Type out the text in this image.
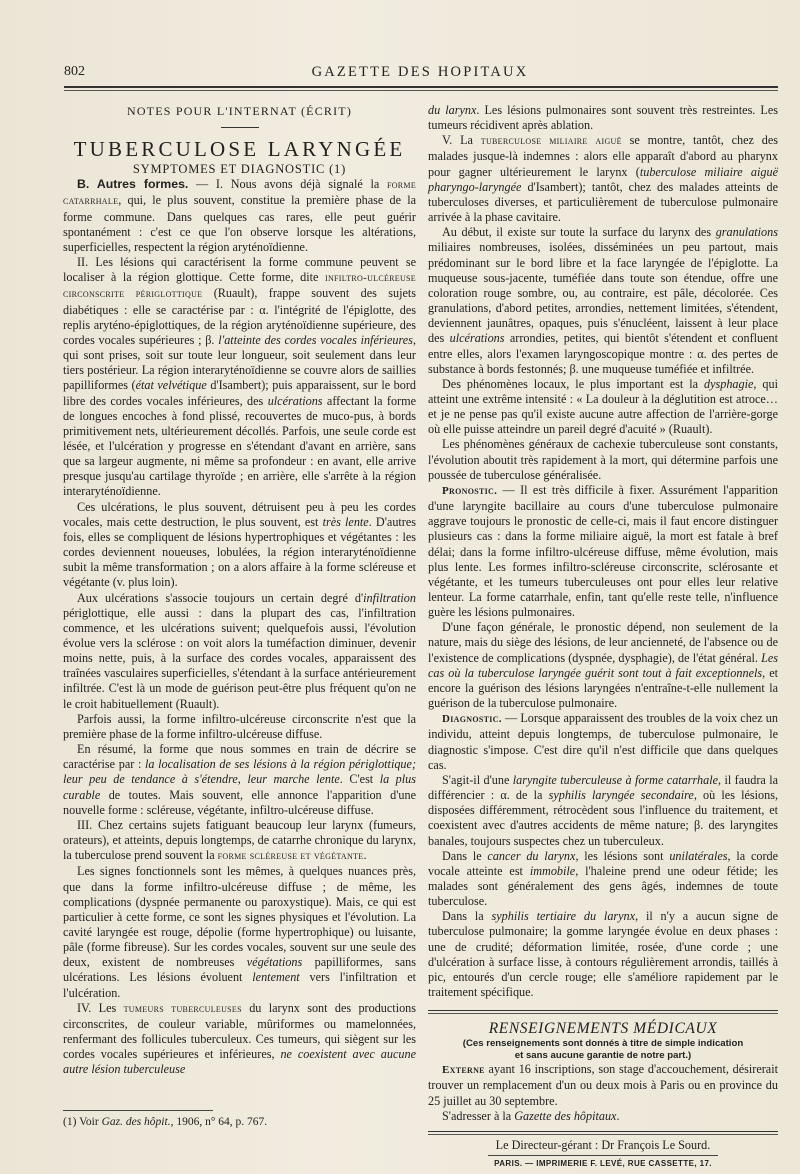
802	GAZETTE DES HOPITAUX

NOTES POUR L'INTERNAT (ÉCRIT)

TUBERCULOSE LARYNGÉE

SYMPTOMES ET DIAGNOSTIC (1)

B. Autres formes. — I. Nous avons déjà signalé la forme catarrhale, qui, le plus souvent, constitue la première phase de la forme commune. Dans quelques cas rares, elle peut guérir spontanément : c'est ce que l'on observe lorsque les altérations, superficielles, respectent la région aryténoïdienne.

II. Les lésions qui caractérisent la forme commune peuvent se localiser à la région glottique. Cette forme, dite infiltro-ulcéreuse circonscrite périglottique (Ruault), frappe souvent des sujets diabétiques : elle se caractérise par : α. l'intégrité de l'épiglotte, des replis aryténo-épiglottiques, de la région aryténoïdienne supérieure, des cordes vocales supérieures ; β. l'atteinte des cordes vocales inférieures, qui sont prises, soit sur toute leur longueur, soit seulement dans leur tiers postérieur. La région interaryténoïdienne se couvre alors de saillies papilliformes (état velvétique d'Isambert); puis apparaissent, sur le bord libre des cordes vocales inférieures, des ulcérations affectant la forme de longues encoches à fond plissé, recouvertes de muco-pus, à bords primitivement nets, ultérieurement décollés. Parfois, une seule corde est lésée, et l'ulcération y progresse en s'étendant d'avant en arrière, sans que sa largeur augmente, ni même sa profondeur : en avant, elle arrive presque jusqu'au cartilage thyroïde ; en arrière, elle s'arrête à la région interaryténoïdienne.

Ces ulcérations, le plus souvent, détruisent peu à peu les cordes vocales, mais cette destruction, le plus souvent, est très lente. D'autres fois, elles se compliquent de lésions hypertrophiques et végétantes : les cordes deviennent noueuses, lobulées, la région interaryténoïdienne subit la même transformation ; on a alors affaire à la forme scléreuse et végétante (v. plus loin).

Aux ulcérations s'associe toujours un certain degré d'infiltration périglottique, elle aussi : dans la plupart des cas, l'infiltration commence, et les ulcérations suivent; quelquefois aussi, l'évolution évolue vers la sclérose : on voit alors la tuméfaction diminuer, devenir moins nette, puis, à la surface des cordes vocales, apparaissent des traînées vasculaires superficielles, s'étendant à la surface antérieurement infiltrée. C'est là un mode de guérison peut-être plus fréquent qu'on ne le croit habituellement (Ruault).

Parfois aussi, la forme infiltro-ulcéreuse circonscrite n'est que la première phase de la forme infiltro-ulcéreuse diffuse.

En résumé, la forme que nous sommes en train de décrire se caractérise par : la localisation de ses lésions à la région périglottique; leur peu de tendance à s'étendre, leur marche lente. C'est la plus curable de toutes. Mais souvent, elle annonce l'apparition d'une nouvelle forme : scléreuse, végétante, infiltro-ulcéreuse diffuse.

III. Chez certains sujets fatiguant beaucoup leur larynx (fumeurs, orateurs), et atteints, depuis longtemps, de catarrhe chronique du larynx, la tuberculose prend souvent la forme scléreuse et végétante.

Les signes fonctionnels sont les mêmes, à quelques nuances près, que dans la forme infiltro-ulcéreuse diffuse ; de même, les complications (dyspnée permanente ou paroxystique). Mais, ce qui est particulier à cette forme, ce sont les signes physiques et l'évolution. La cavité laryngée est rouge, dépolie (forme hypertrophique) ou luisante, pâle (forme fibreuse). Sur les cordes vocales, souvent sur une seule des deux, existent de nombreuses végétations papilliformes, sans ulcérations. Les lésions évoluent lentement vers l'infiltration et l'ulcération.

IV. Les tumeurs tuberculeuses du larynx sont des productions circonscrites, de couleur variable, mûriformes ou mamelonnées, renfermant des follicules tuberculeux. Ces tumeurs, qui siègent sur les cordes vocales supérieures et inférieures, ne coexistent avec aucune autre lésion tuberculeuse

(1) Voir Gaz. des hôpit., 1906, n° 64, p. 767.

du larynx. Les lésions pulmonaires sont souvent très restreintes. Les tumeurs récidivent après ablation.

V. La tuberculose miliaire aiguë se montre, tantôt, chez des malades jusque-là indemnes : alors elle apparaît d'abord au pharynx pour gagner ultérieurement le larynx (tuberculose miliaire aiguë pharyngo-laryngée d'Isambert); tantôt, chez des malades atteints de tuberculoses diverses, et particulièrement de tuberculose pulmonaire arrivée à la phase cavitaire.

Au début, il existe sur toute la surface du larynx des granulations miliaires nombreuses, isolées, disséminées un peu partout, mais prédominant sur le bord libre et la face laryngée de l'épiglotte. La muqueuse sous-jacente, tuméfiée dans toute son étendue, offre une coloration rouge sombre, ou, au contraire, est pâle, décolorée. Ces granulations, d'abord petites, arrondies, nettement limitées, s'étendent, deviennent jaunâtres, opaques, puis s'énucléent, laissent à leur place des ulcérations arrondies, petites, qui bientôt s'étendent et confluent entre elles, alors l'examen laryngoscopique montre : α. des pertes de substance à bords festonnés; β. une muqueuse tuméfiée et infiltrée.

Des phénomènes locaux, le plus important est la dysphagie, qui atteint une extrême intensité : « La douleur à la déglutition est atroce… et je ne pense pas qu'il existe aucune autre affection de l'arrière-gorge où elle puisse atteindre un pareil degré d'acuité » (Ruault).

Les phénomènes généraux de cachexie tuberculeuse sont constants, l'évolution aboutit très rapidement à la mort, qui détermine parfois une poussée de tuberculose généralisée.

Pronostic. — Il est très difficile à fixer. Assurément l'apparition d'une laryngite bacillaire au cours d'une tuberculose pulmonaire aggrave toujours le pronostic de celle-ci, mais il faut encore distinguer plusieurs cas : dans la forme miliaire aiguë, la mort est fatale à bref délai; dans la forme infiltro-ulcéreuse diffuse, même évolution, mais plus lente. Les formes infiltro-scléreuse circonscrite, sclérosante et végétante, et les tumeurs tuberculeuses ont pour elles leur relative lenteur. La forme catarrhale, enfin, tant qu'elle reste telle, n'influence guère les lésions pulmonaires.

D'une façon générale, le pronostic dépend, non seulement de la nature, mais du siège des lésions, de leur ancienneté, de l'absence ou de l'existence de complications (dyspnée, dysphagie), de l'état général. Les cas où la tuberculose laryngée guérit sont tout à fait exceptionnels, et encore la guérison des lésions laryngées n'entraîne-t-elle nullement la guérison de la tuberculose pulmonaire.

Diagnostic. — Lorsque apparaissent des troubles de la voix chez un individu, atteint depuis longtemps, de tuberculose pulmonaire, le diagnostic s'impose. C'est dire qu'il n'est difficile que dans quelques cas.

S'agit-il d'une laryngite tuberculeuse à forme catarrhale, il faudra la différencier : α. de la syphilis laryngée secondaire, où les lésions, disposées différemment, rétrocèdent sous l'influence du traitement, et coexistent avec d'autres accidents de même nature; β. des laryngites banales, toujours suspectes chez un tuberculeux.

Dans le cancer du larynx, les lésions sont unilatérales, la corde vocale atteinte est immobile, l'haleine prend une odeur fétide; les malades sont généralement des gens âgés, indemnes de toute tuberculose.

Dans la syphilis tertiaire du larynx, il n'y a aucun signe de tuberculose pulmonaire; la gomme laryngée évolue en deux phases : une de crudité; déformation limitée, rosée, d'une corde ; une d'ulcération à surface lisse, à contours régulièrement arrondis, taillés à pic, entourés d'un cercle rouge; elle s'améliore rapidement par le traitement spécifique.

RENSEIGNEMENTS MÉDICAUX

(Ces renseignements sont donnés à titre de simple indication
et sans aucune garantie de notre part.)

Externe ayant 16 inscriptions, son stage d'accouchement, désirerait trouver un remplacement d'un ou deux mois à Paris ou en province du 25 juillet au 30 septembre.

S'adresser à la Gazette des hôpitaux.

Le Directeur-gérant : Dr François Le Sourd.

PARIS. — IMPRIMERIE F. LEVÉ, RUE CASSETTE, 17.
